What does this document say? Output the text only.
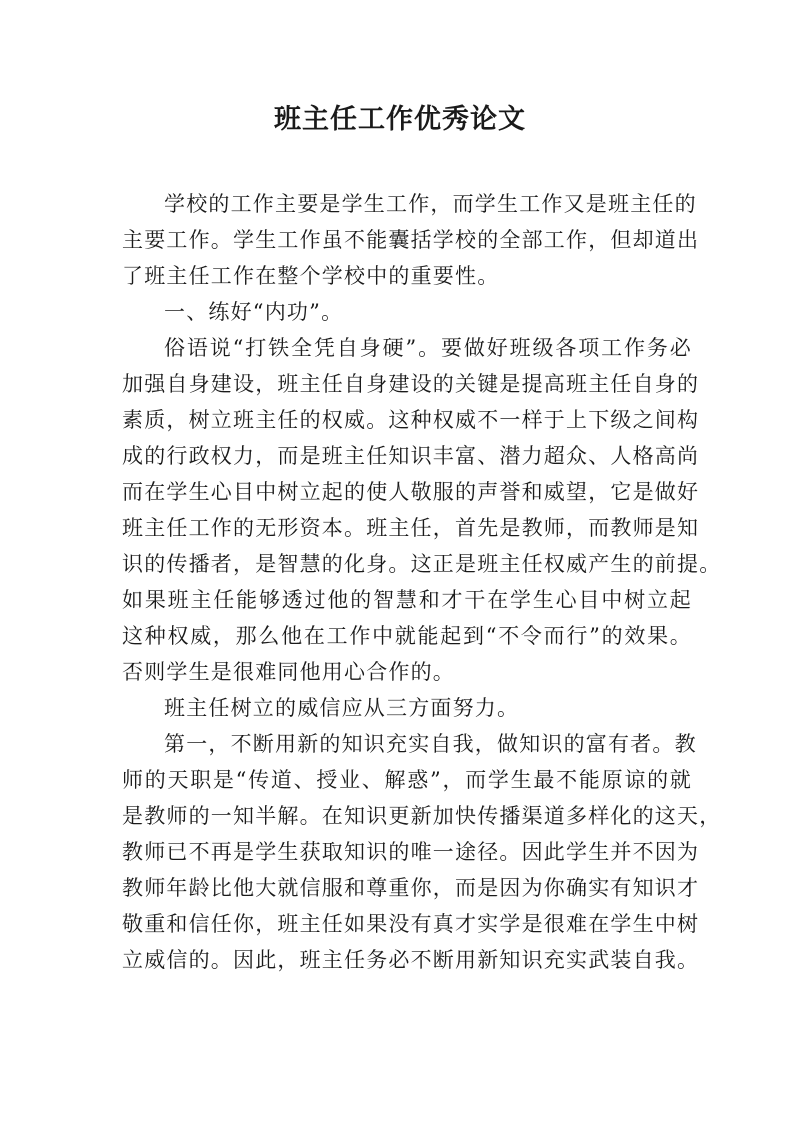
班主任工作优秀论文
学校的工作主要是学生工作，而学生工作又是班主任的
主要工作。学生工作虽不能囊括学校的全部工作，但却道出
了班主任工作在整个学校中的重要性。
一、练好“内功”。
俗语说“打铁全凭自身硬”。要做好班级各项工作务必
加强自身建设，班主任自身建设的关键是提高班主任自身的
素质，树立班主任的权威。这种权威不一样于上下级之间构
成的行政权力，而是班主任知识丰富、潜力超众、人格高尚
而在学生心目中树立起的使人敬服的声誉和威望，它是做好
班主任工作的无形资本。班主任，首先是教师，而教师是知
识的传播者，是智慧的化身。这正是班主任权威产生的前提。
如果班主任能够透过他的智慧和才干在学生心目中树立起
这种权威，那么他在工作中就能起到“不令而行”的效果。
否则学生是很难同他用心合作的。
班主任树立的威信应从三方面努力。
第一，不断用新的知识充实自我，做知识的富有者。教
师的天职是“传道、授业、解惑”，而学生最不能原谅的就
是教师的一知半解。在知识更新加快传播渠道多样化的这天，
教师已不再是学生获取知识的唯一途径。因此学生并不因为
教师年龄比他大就信服和尊重你，而是因为你确实有知识才
敬重和信任你，班主任如果没有真才实学是很难在学生中树
立威信的。因此，班主任务必不断用新知识充实武装自我。
